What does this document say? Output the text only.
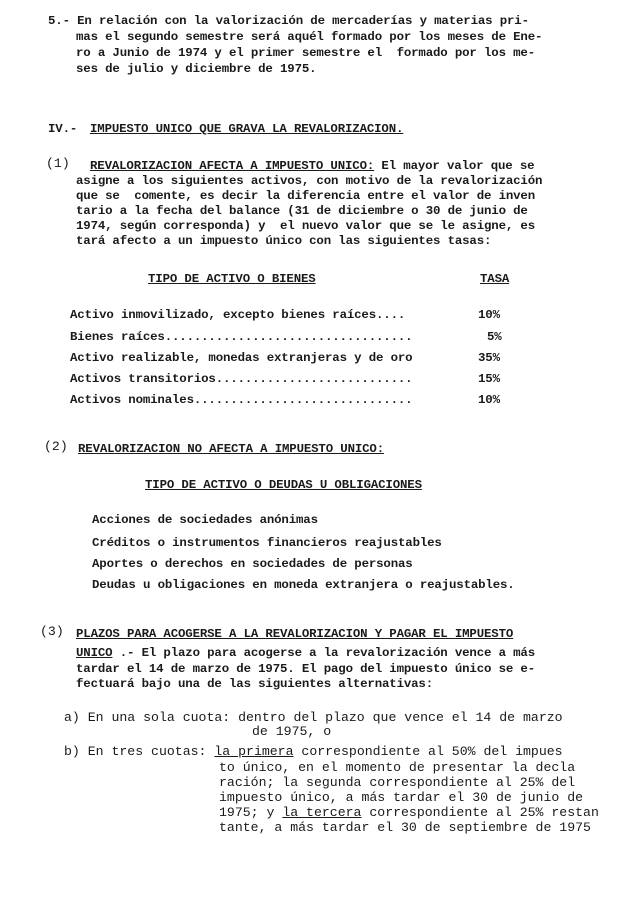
5.- En relación con la valorización de mercaderías y materias pri-
mas el segundo semestre será aquél formado por los meses de Ene-
ro a Junio de 1974 y el primer semestre el  formado por los me-
ses de julio y diciembre de 1975.
IV.- IMPUESTO UNICO QUE GRAVA LA REVALORIZACION.
(1) REVALORIZACION AFECTA A IMPUESTO UNICO: El mayor valor que se
asigne a los siguientes activos, con motivo de la revalorización
que se  comente, es decir la diferencia entre el valor de inven
tario a la fecha del balance (31 de diciembre o 30 de junio de
1974, según corresponda) y  el nuevo valor que se le asigne, es
tará afecto a un impuesto único con las siguientes tasas:
TIPO DE ACTIVO O BIENES	TASA
Activo inmovilizado, excepto bienes raíces....	10%
Bienes raíces..................................	5%
Activo realizable, monedas extranjeras y de oro	35%
Activos transitorios...........................	15%
Activos nominales..............................	10%
(2) REVALORIZACION NO AFECTA A IMPUESTO UNICO:
TIPO DE ACTIVO O DEUDAS U OBLIGACIONES
Acciones de sociedades anónimas
Créditos o instrumentos financieros reajustables
Aportes o derechos en sociedades de personas
Deudas u obligaciones en moneda extranjera o reajustables.
(3) PLAZOS PARA ACOGERSE A LA REVALORIZACION Y PAGAR EL IMPUESTO
UNICO .- El plazo para acogerse a la revalorización vence a más
tardar el 14 de marzo de 1975. El pago del impuesto único se e-
fectuará bajo una de las siguientes alternativas:
a) En una sola cuota: dentro del plazo que vence el 14 de marzo
de 1975, o
b) En tres cuotas: la primera correspondiente al 50% del impues
to único, en el momento de presentar la decla
ración; la segunda correspondiente al 25% del
impuesto único, a más tardar el 30 de junio de
1975; y la tercera correspondiente al 25% restan
tante, a más tardar el 30 de septiembre de 1975
